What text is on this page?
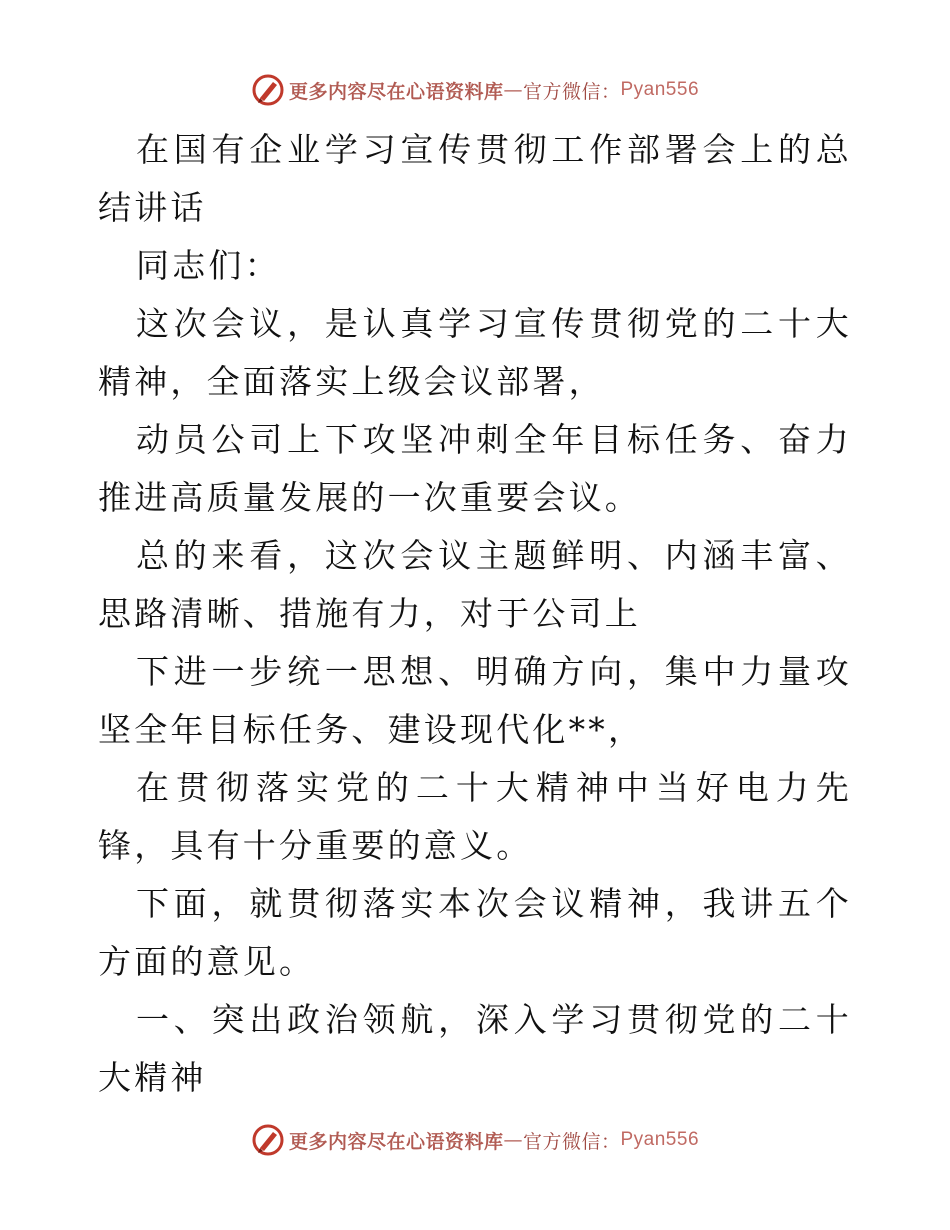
更多内容尽在心语资料库 — 官方微信： Pyan556

在国有企业学习宣传贯彻工作部署会上的总结讲话

同志们：

这次会议，是认真学习宣传贯彻党的二十大精神，全面落实上级会议部署，

动员公司上下攻坚冲刺全年目标任务、奋力推进高质量发展的一次重要会议。

总的来看，这次会议主题鲜明、内涵丰富、思路清晰、措施有力，对于公司上

下进一步统一思想、明确方向，集中力量攻坚全年目标任务、建设现代化**，

在贯彻落实党的二十大精神中当好电力先锋，具有十分重要的意义。

下面，就贯彻落实本次会议精神，我讲五个方面的意见。

一、突出政治领航，深入学习贯彻党的二十大精神

更多内容尽在心语资料库 — 官方微信： Pyan556
